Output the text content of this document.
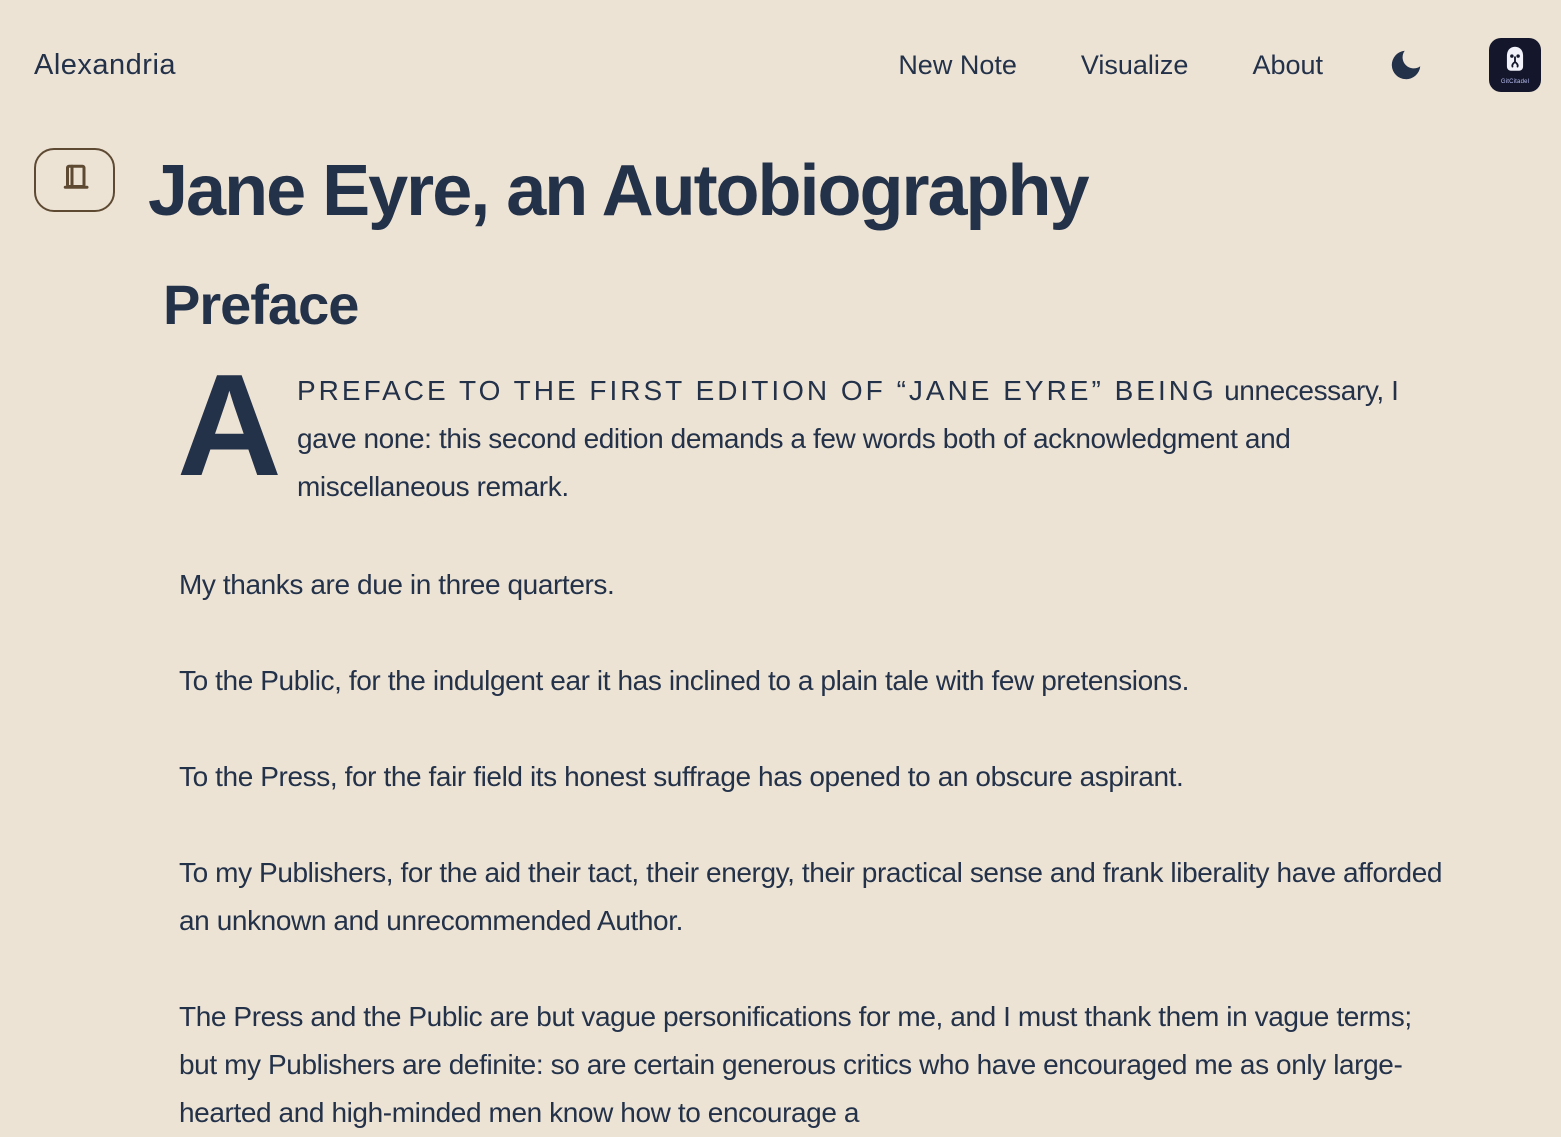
Alexandria	New Note Visualize About
GitCitadel
Jane Eyre, an Autobiography
Preface

A PREFACE TO THE FIRST EDITION OF “JANE EYRE” BEING unnecessary, I gave none: this second edition demands a few words both of acknowledgment and miscellaneous remark.

My thanks are due in three quarters.

To the Public, for the indulgent ear it has inclined to a plain tale with few pretensions.

To the Press, for the fair field its honest suffrage has opened to an obscure aspirant.

To my Publishers, for the aid their tact, their energy, their practical sense and frank liberality have afforded an unknown and unrecommended Author.

The Press and the Public are but vague personifications for me, and I must thank them in vague terms; but my Publishers are definite: so are certain generous critics who have encouraged me as only large-hearted and high-minded men know how to encourage a
